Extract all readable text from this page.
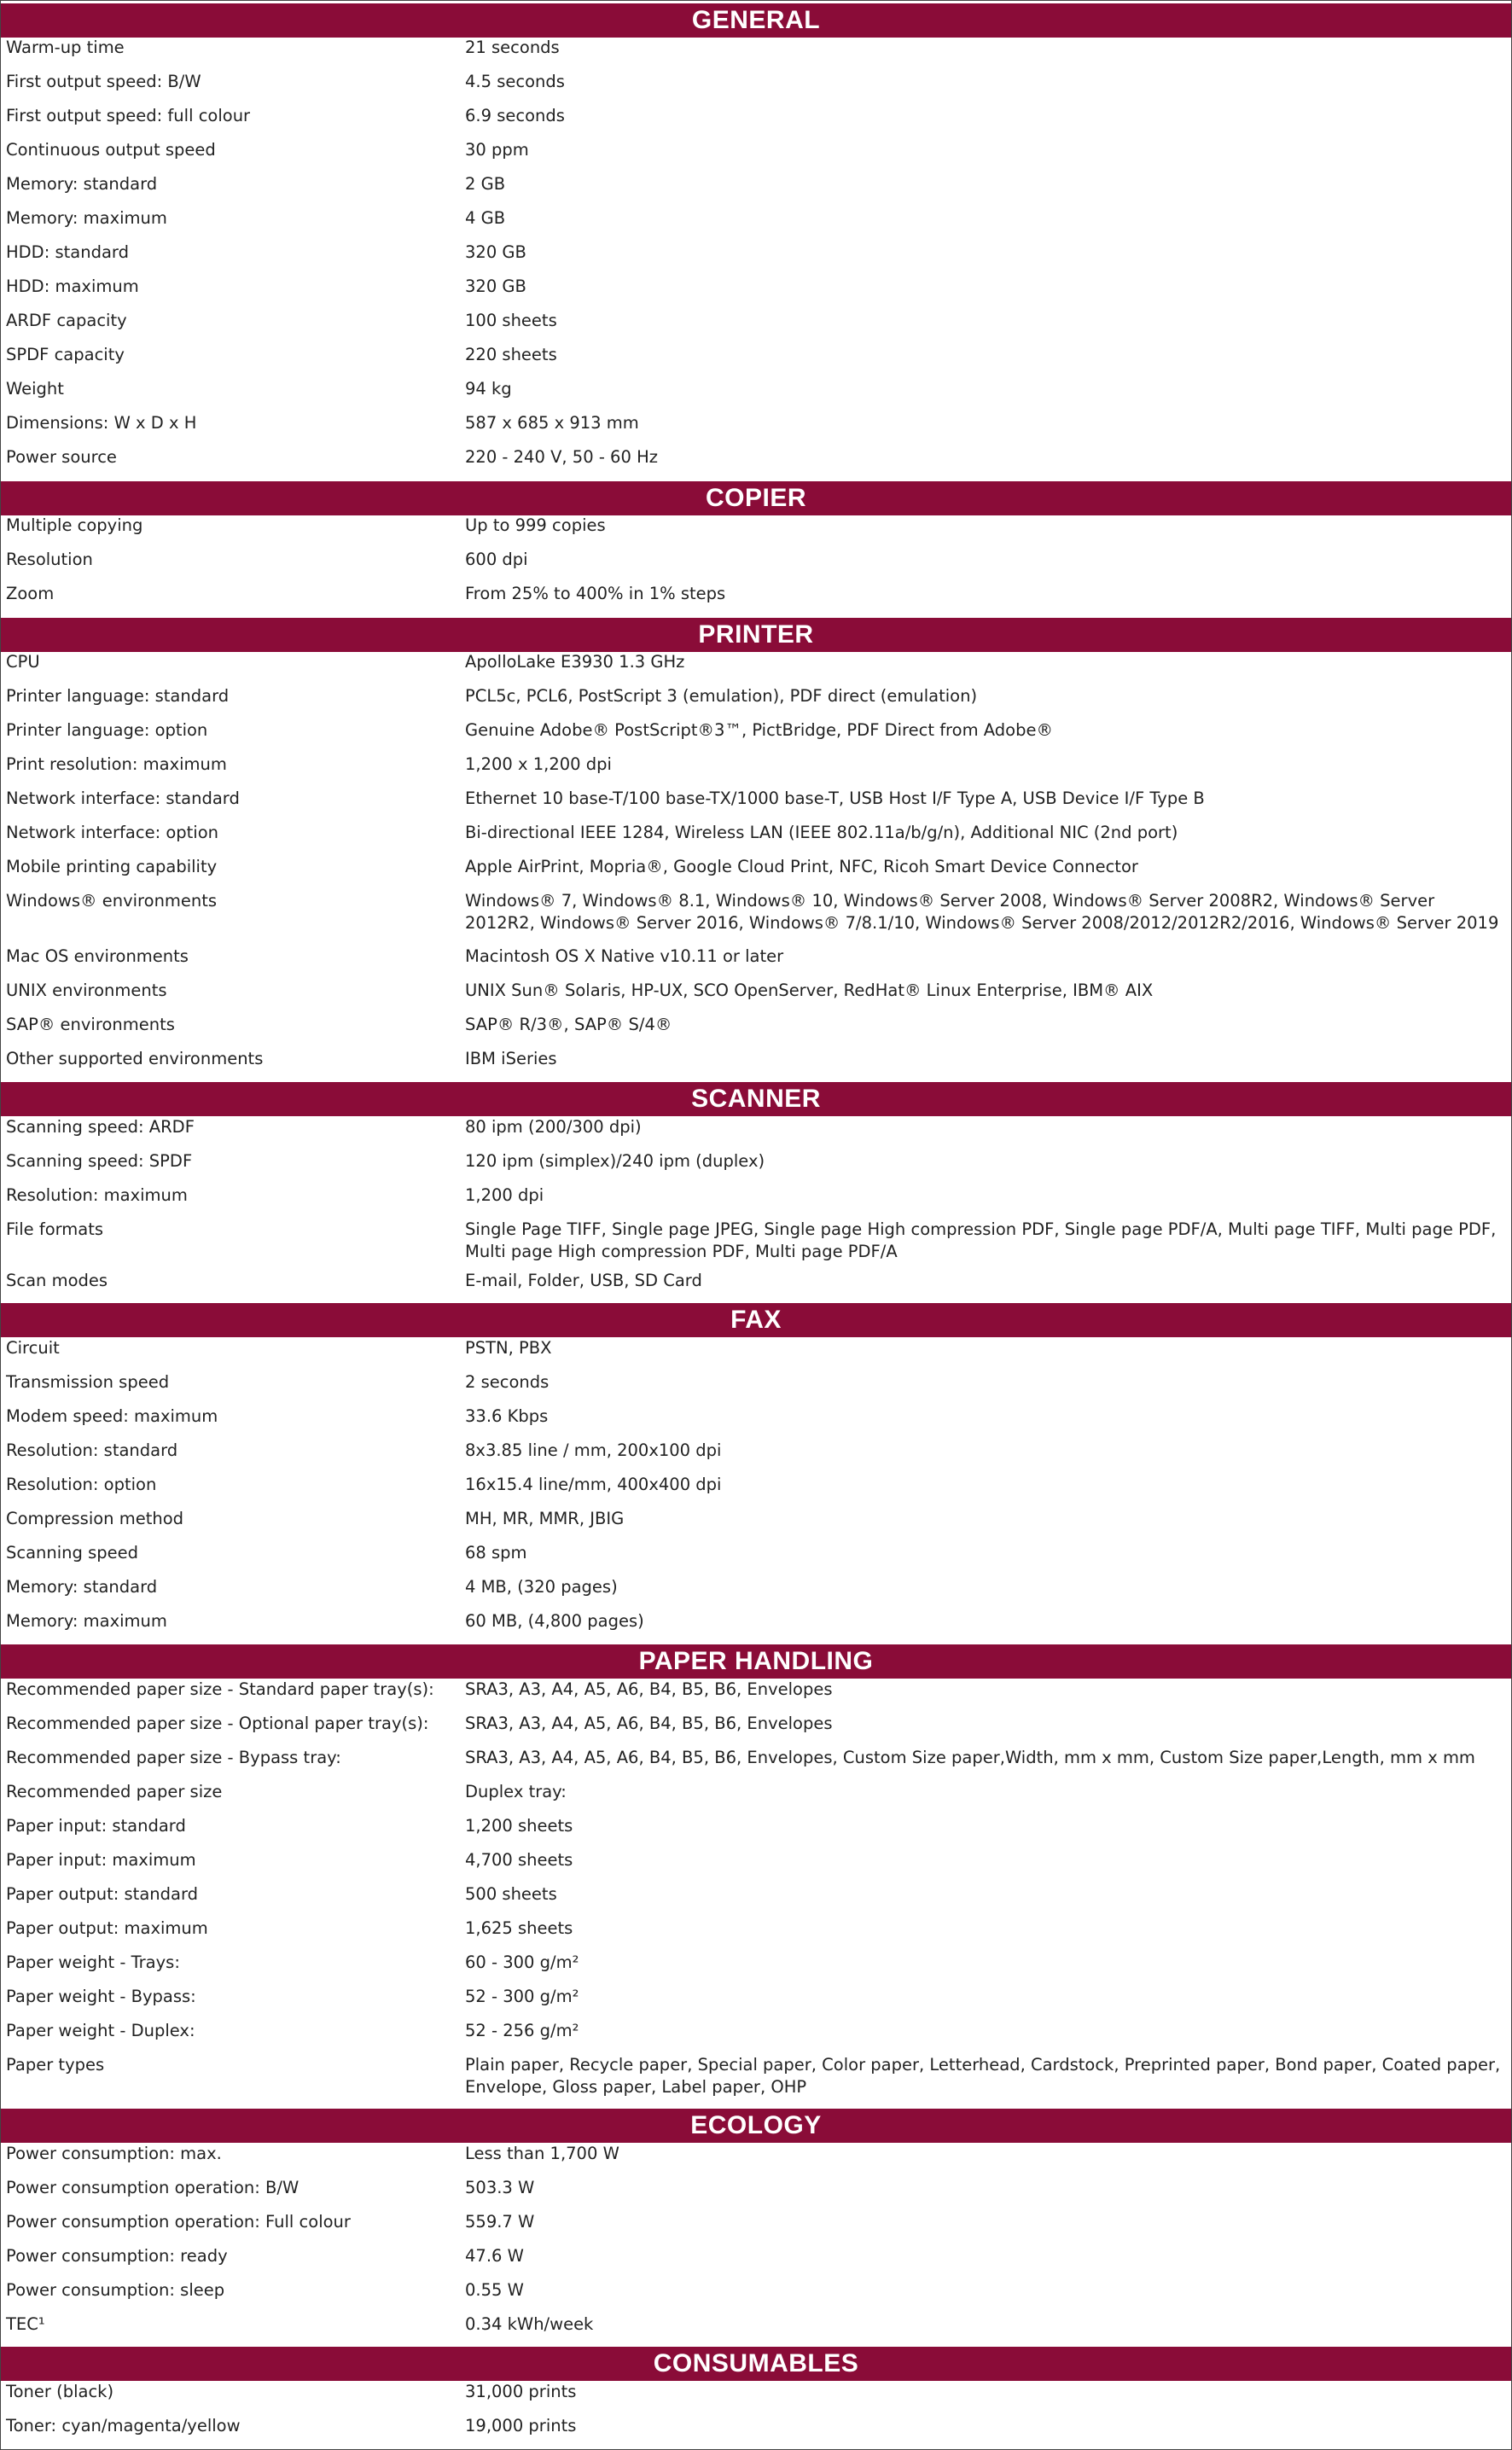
GENERAL
Warm-up time	21 seconds
First output speed: B/W	4.5 seconds
First output speed: full colour	6.9 seconds
Continuous output speed	30 ppm
Memory: standard	2 GB
Memory: maximum	4 GB
HDD: standard	320 GB
HDD: maximum	320 GB
ARDF capacity	100 sheets
SPDF capacity	220 sheets
Weight	94 kg
Dimensions: W x D x H	587 x 685 x 913 mm
Power source	220 - 240 V, 50 - 60 Hz
COPIER
Multiple copying	Up to 999 copies
Resolution	600 dpi
Zoom	From 25% to 400% in 1% steps
PRINTER
CPU	ApolloLake E3930 1.3 GHz
Printer language: standard	PCL5c, PCL6, PostScript 3 (emulation), PDF direct (emulation)
Printer language: option	Genuine Adobe® PostScript®3™, PictBridge, PDF Direct from Adobe®
Print resolution: maximum	1,200 x 1,200 dpi
Network interface: standard	Ethernet 10 base-T/100 base-TX/1000 base-T, USB Host I/F Type A, USB Device I/F Type B
Network interface: option	Bi-directional IEEE 1284, Wireless LAN (IEEE 802.11a/b/g/n), Additional NIC (2nd port)
Mobile printing capability	Apple AirPrint, Mopria®, Google Cloud Print, NFC, Ricoh Smart Device Connector
Windows® environments	Windows® 7, Windows® 8.1, Windows® 10, Windows® Server 2008, Windows® Server 2008R2, Windows® Server 2012R2, Windows® Server 2016, Windows® 7/8.1/10, Windows® Server 2008/2012/2012R2/2016, Windows® Server 2019
Mac OS environments	Macintosh OS X Native v10.11 or later
UNIX environments	UNIX Sun® Solaris, HP-UX, SCO OpenServer, RedHat® Linux Enterprise, IBM® AIX
SAP® environments	SAP® R/3®, SAP® S/4®
Other supported environments	IBM iSeries
SCANNER
Scanning speed: ARDF	80 ipm (200/300 dpi)
Scanning speed: SPDF	120 ipm (simplex)/240 ipm (duplex)
Resolution: maximum	1,200 dpi
File formats	Single Page TIFF, Single page JPEG, Single page High compression PDF, Single page PDF/A, Multi page TIFF, Multi page PDF, Multi page High compression PDF, Multi page PDF/A
Scan modes	E-mail, Folder, USB, SD Card
FAX
Circuit	PSTN, PBX
Transmission speed	2 seconds
Modem speed: maximum	33.6 Kbps
Resolution: standard	8x3.85 line / mm, 200x100 dpi
Resolution: option	16x15.4 line/mm, 400x400 dpi
Compression method	MH, MR, MMR, JBIG
Scanning speed	68 spm
Memory: standard	4 MB, (320 pages)
Memory: maximum	60 MB, (4,800 pages)
PAPER HANDLING
Recommended paper size - Standard paper tray(s):	SRA3, A3, A4, A5, A6, B4, B5, B6, Envelopes
Recommended paper size - Optional paper tray(s):	SRA3, A3, A4, A5, A6, B4, B5, B6, Envelopes
Recommended paper size - Bypass tray:	SRA3, A3, A4, A5, A6, B4, B5, B6, Envelopes, Custom Size paper,Width, mm x mm, Custom Size paper,Length, mm x mm
Recommended paper size	Duplex tray:
Paper input: standard	1,200 sheets
Paper input: maximum	4,700 sheets
Paper output: standard	500 sheets
Paper output: maximum	1,625 sheets
Paper weight - Trays:	60 - 300 g/m²
Paper weight - Bypass:	52 - 300 g/m²
Paper weight - Duplex:	52 - 256 g/m²
Paper types	Plain paper, Recycle paper, Special paper, Color paper, Letterhead, Cardstock, Preprinted paper, Bond paper, Coated paper, Envelope, Gloss paper, Label paper, OHP
ECOLOGY
Power consumption: max.	Less than 1,700 W
Power consumption operation: B/W	503.3 W
Power consumption operation: Full colour	559.7 W
Power consumption: ready	47.6 W
Power consumption: sleep	0.55 W
TEC¹	0.34 kWh/week
CONSUMABLES
Toner (black)	31,000 prints
Toner: cyan/magenta/yellow	19,000 prints
